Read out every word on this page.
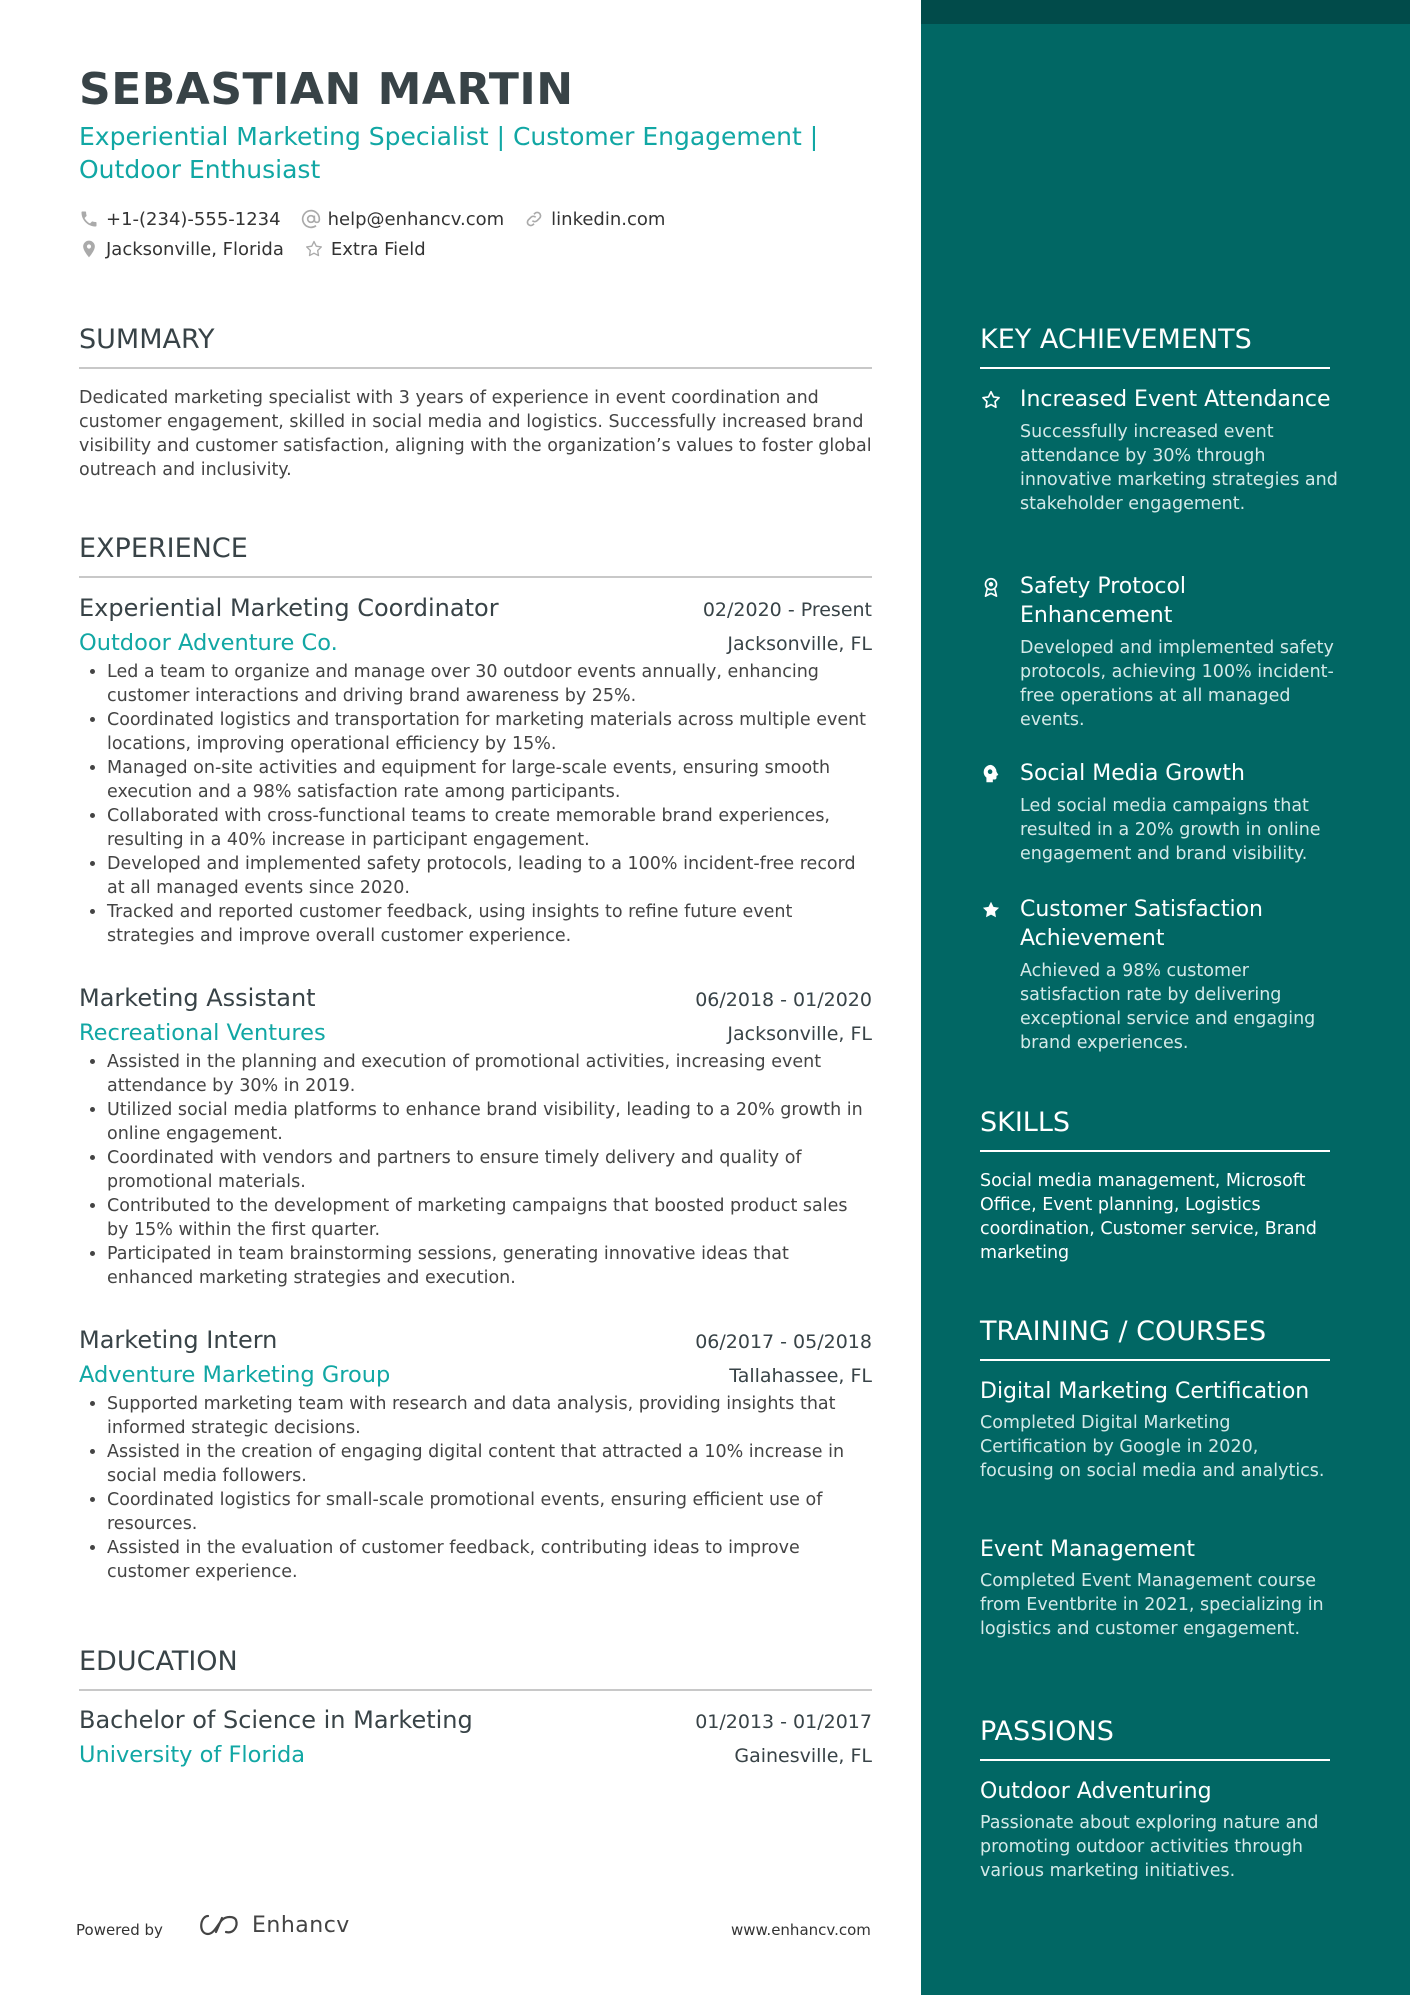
SEBASTIAN MARTIN
Experiential Marketing Specialist | Customer Engagement |
Outdoor Enthusiast
+1-(234)-555-1234	help@enhancv.com	linkedin.com
Jacksonville, Florida	Extra Field
SUMMARY
Dedicated marketing specialist with 3 years of experience in event coordination and customer engagement, skilled in social media and logistics. Successfully increased brand visibility and customer satisfaction, aligning with the organization’s values to foster global outreach and inclusivity.
EXPERIENCE
Experiential Marketing Coordinator	02/2020 - Present
Outdoor Adventure Co.	Jacksonville, FL
• Led a team to organize and manage over 30 outdoor events annually, enhancing customer interactions and driving brand awareness by 25%.
• Coordinated logistics and transportation for marketing materials across multiple event locations, improving operational efficiency by 15%.
• Managed on-site activities and equipment for large-scale events, ensuring smooth execution and a 98% satisfaction rate among participants.
• Collaborated with cross-functional teams to create memorable brand experiences, resulting in a 40% increase in participant engagement.
• Developed and implemented safety protocols, leading to a 100% incident-free record at all managed events since 2020.
• Tracked and reported customer feedback, using insights to refine future event strategies and improve overall customer experience.
Marketing Assistant	06/2018 - 01/2020
Recreational Ventures	Jacksonville, FL
• Assisted in the planning and execution of promotional activities, increasing event attendance by 30% in 2019.
• Utilized social media platforms to enhance brand visibility, leading to a 20% growth in online engagement.
• Coordinated with vendors and partners to ensure timely delivery and quality of promotional materials.
• Contributed to the development of marketing campaigns that boosted product sales by 15% within the first quarter.
• Participated in team brainstorming sessions, generating innovative ideas that enhanced marketing strategies and execution.
Marketing Intern	06/2017 - 05/2018
Adventure Marketing Group	Tallahassee, FL
• Supported marketing team with research and data analysis, providing insights that informed strategic decisions.
• Assisted in the creation of engaging digital content that attracted a 10% increase in social media followers.
• Coordinated logistics for small-scale promotional events, ensuring efficient use of resources.
• Assisted in the evaluation of customer feedback, contributing ideas to improve customer experience.
EDUCATION
Bachelor of Science in Marketing	01/2013 - 01/2017
University of Florida	Gainesville, FL
Powered by	Enhancv	www.enhancv.com
KEY ACHIEVEMENTS
Increased Event Attendance
Successfully increased event attendance by 30% through innovative marketing strategies and stakeholder engagement.
Safety Protocol Enhancement
Developed and implemented safety protocols, achieving 100% incident-free operations at all managed events.
Social Media Growth
Led social media campaigns that resulted in a 20% growth in online engagement and brand visibility.
Customer Satisfaction Achievement
Achieved a 98% customer satisfaction rate by delivering exceptional service and engaging brand experiences.
SKILLS
Social media management, Microsoft Office, Event planning, Logistics coordination, Customer service, Brand marketing
TRAINING / COURSES
Digital Marketing Certification
Completed Digital Marketing Certification by Google in 2020, focusing on social media and analytics.
Event Management
Completed Event Management course from Eventbrite in 2021, specializing in logistics and customer engagement.
PASSIONS
Outdoor Adventuring
Passionate about exploring nature and promoting outdoor activities through various marketing initiatives.
